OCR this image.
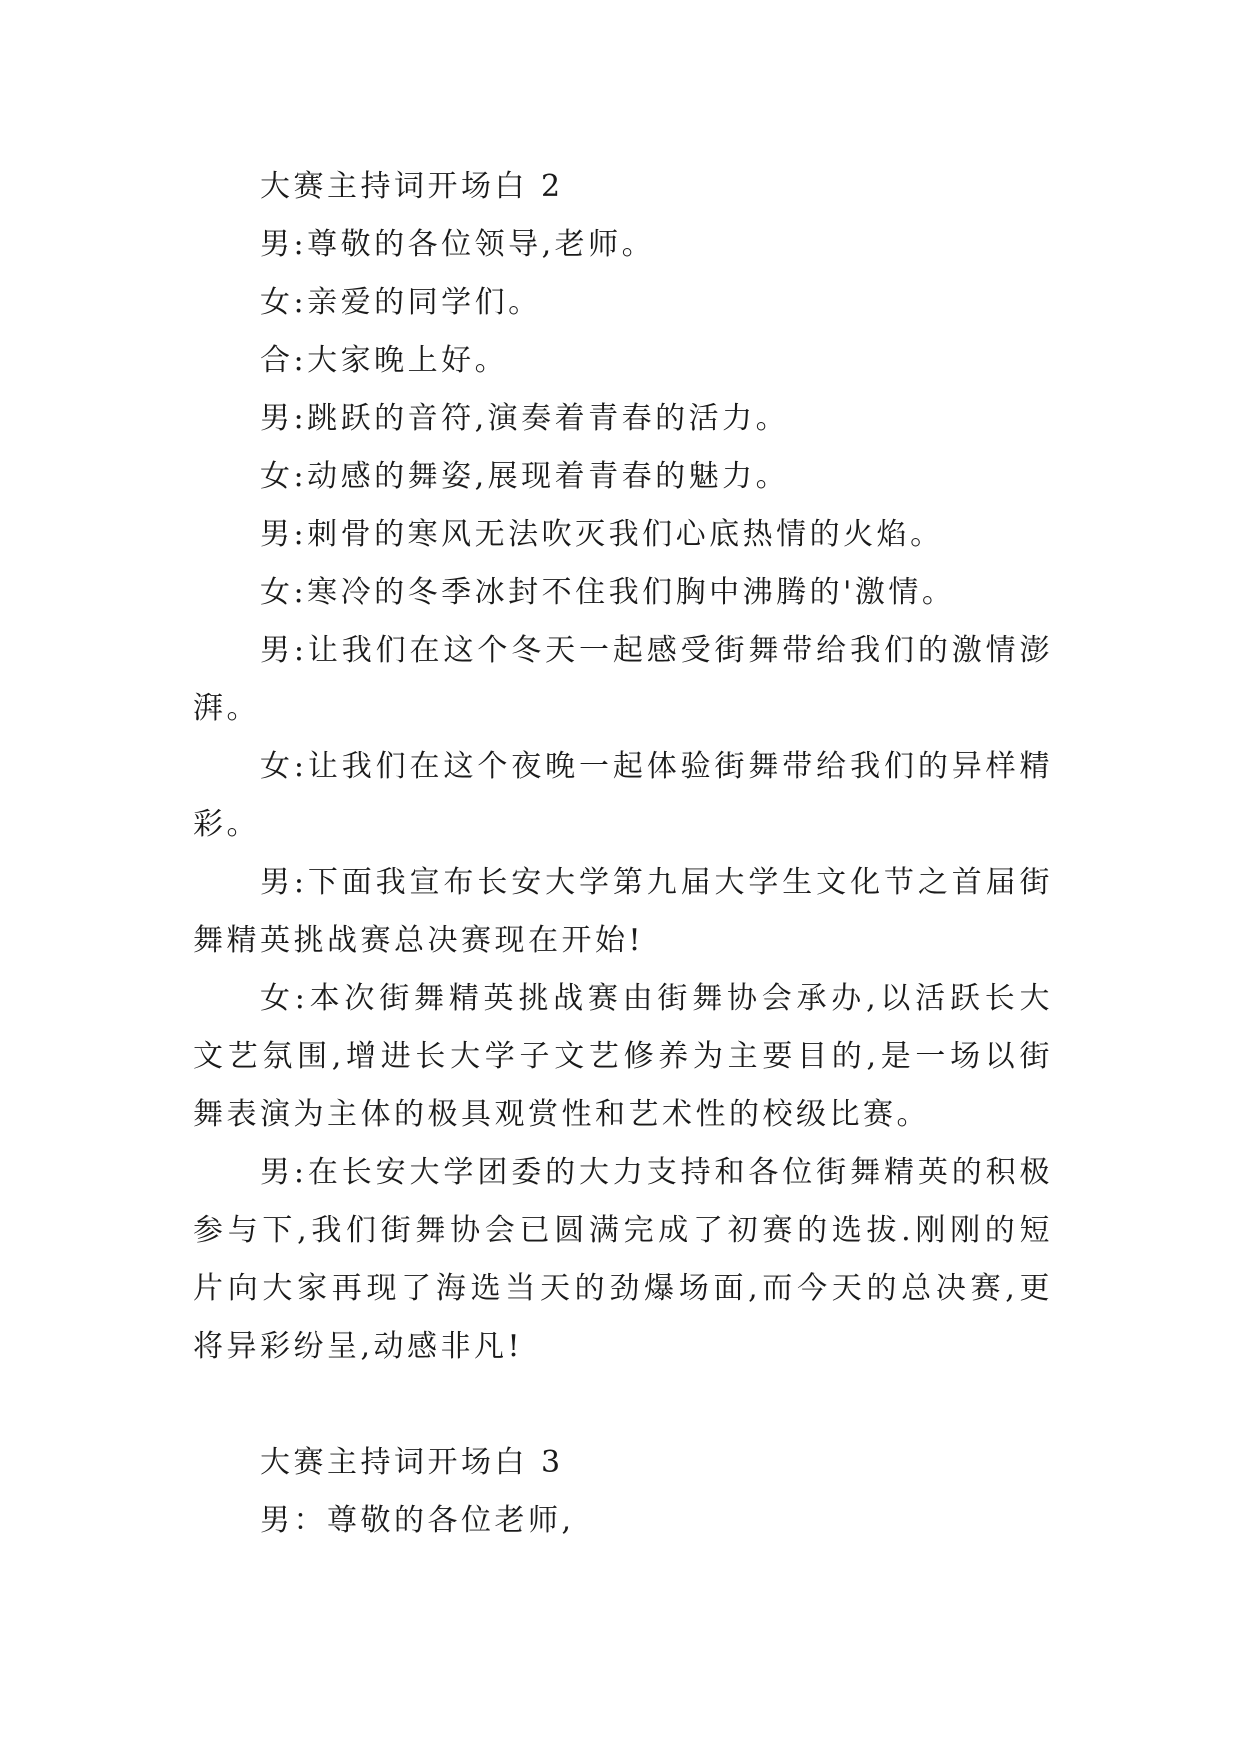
大赛主持词开场白 2

男:尊敬的各位领导,老师。

女:亲爱的同学们。

合:大家晚上好。

男:跳跃的音符,演奏着青春的活力。

女:动感的舞姿,展现着青春的魅力。

男:刺骨的寒风无法吹灭我们心底热情的火焰。

女:寒冷的冬季冰封不住我们胸中沸腾的'激情。

男:让我们在这个冬天一起感受街舞带给我们的激情澎湃。

女:让我们在这个夜晚一起体验街舞带给我们的异样精彩。

男:下面我宣布长安大学第九届大学生文化节之首届街舞精英挑战赛总决赛现在开始!

女:本次街舞精英挑战赛由街舞协会承办,以活跃长大文艺氛围,增进长大学子文艺修养为主要目的,是一场以街舞表演为主体的极具观赏性和艺术性的校级比赛。

男:在长安大学团委的大力支持和各位街舞精英的积极参与下,我们街舞协会已圆满完成了初赛的选拔.刚刚的短片向大家再现了海选当天的劲爆场面,而今天的总决赛,更将异彩纷呈,动感非凡!

大赛主持词开场白 3

男：尊敬的各位老师,
